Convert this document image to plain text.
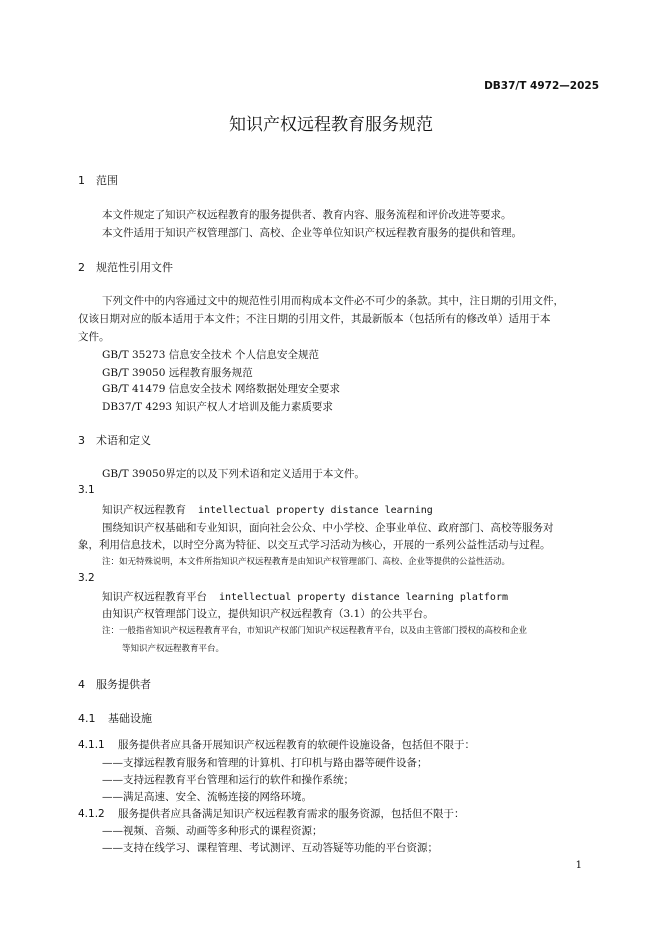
DB37/T 4972—2025
知识产权远程教育服务规范
1 范围
本文件规定了知识产权远程教育的服务提供者、教育内容、服务流程和评价改进等要求。
本文件适用于知识产权管理部门、高校、企业等单位知识产权远程教育服务的提供和管理。
2 规范性引用文件
下列文件中的内容通过文中的规范性引用而构成本文件必不可少的条款。其中，注日期的引用文件，
仅该日期对应的版本适用于本文件；不注日期的引用文件，其最新版本（包括所有的修改单）适用于本
文件。
GB/T 35273 信息安全技术 个人信息安全规范
GB/T 39050 远程教育服务规范
GB/T 41479 信息安全技术 网络数据处理安全要求
DB37/T 4293 知识产权人才培训及能力素质要求
3 术语和定义
GB/T 39050界定的以及下列术语和定义适用于本文件。
3.1
知识产权远程教育 intellectual property distance learning
围绕知识产权基础和专业知识，面向社会公众、中小学校、企事业单位、政府部门、高校等服务对
象，利用信息技术，以时空分离为特征、以交互式学习活动为核心，开展的一系列公益性活动与过程。
注：如无特殊说明，本文件所指知识产权远程教育是由知识产权管理部门、高校、企业等提供的公益性活动。
3.2
知识产权远程教育平台 intellectual property distance learning platform
由知识产权管理部门设立，提供知识产权远程教育（3.1）的公共平台。
注：一般指省知识产权远程教育平台，市知识产权部门知识产权远程教育平台，以及由主管部门授权的高校和企业
等知识产权远程教育平台。
4 服务提供者
4.1 基础设施
4.1.1 服务提供者应具备开展知识产权远程教育的软硬件设施设备，包括但不限于：
——支撑远程教育服务和管理的计算机、打印机与路由器等硬件设备；
——支持远程教育平台管理和运行的软件和操作系统；
——满足高速、安全、流畅连接的网络环境。
4.1.2 服务提供者应具备满足知识产权远程教育需求的服务资源，包括但不限于：
——视频、音频、动画等多种形式的课程资源；
——支持在线学习、课程管理、考试测评、互动答疑等功能的平台资源；
1
